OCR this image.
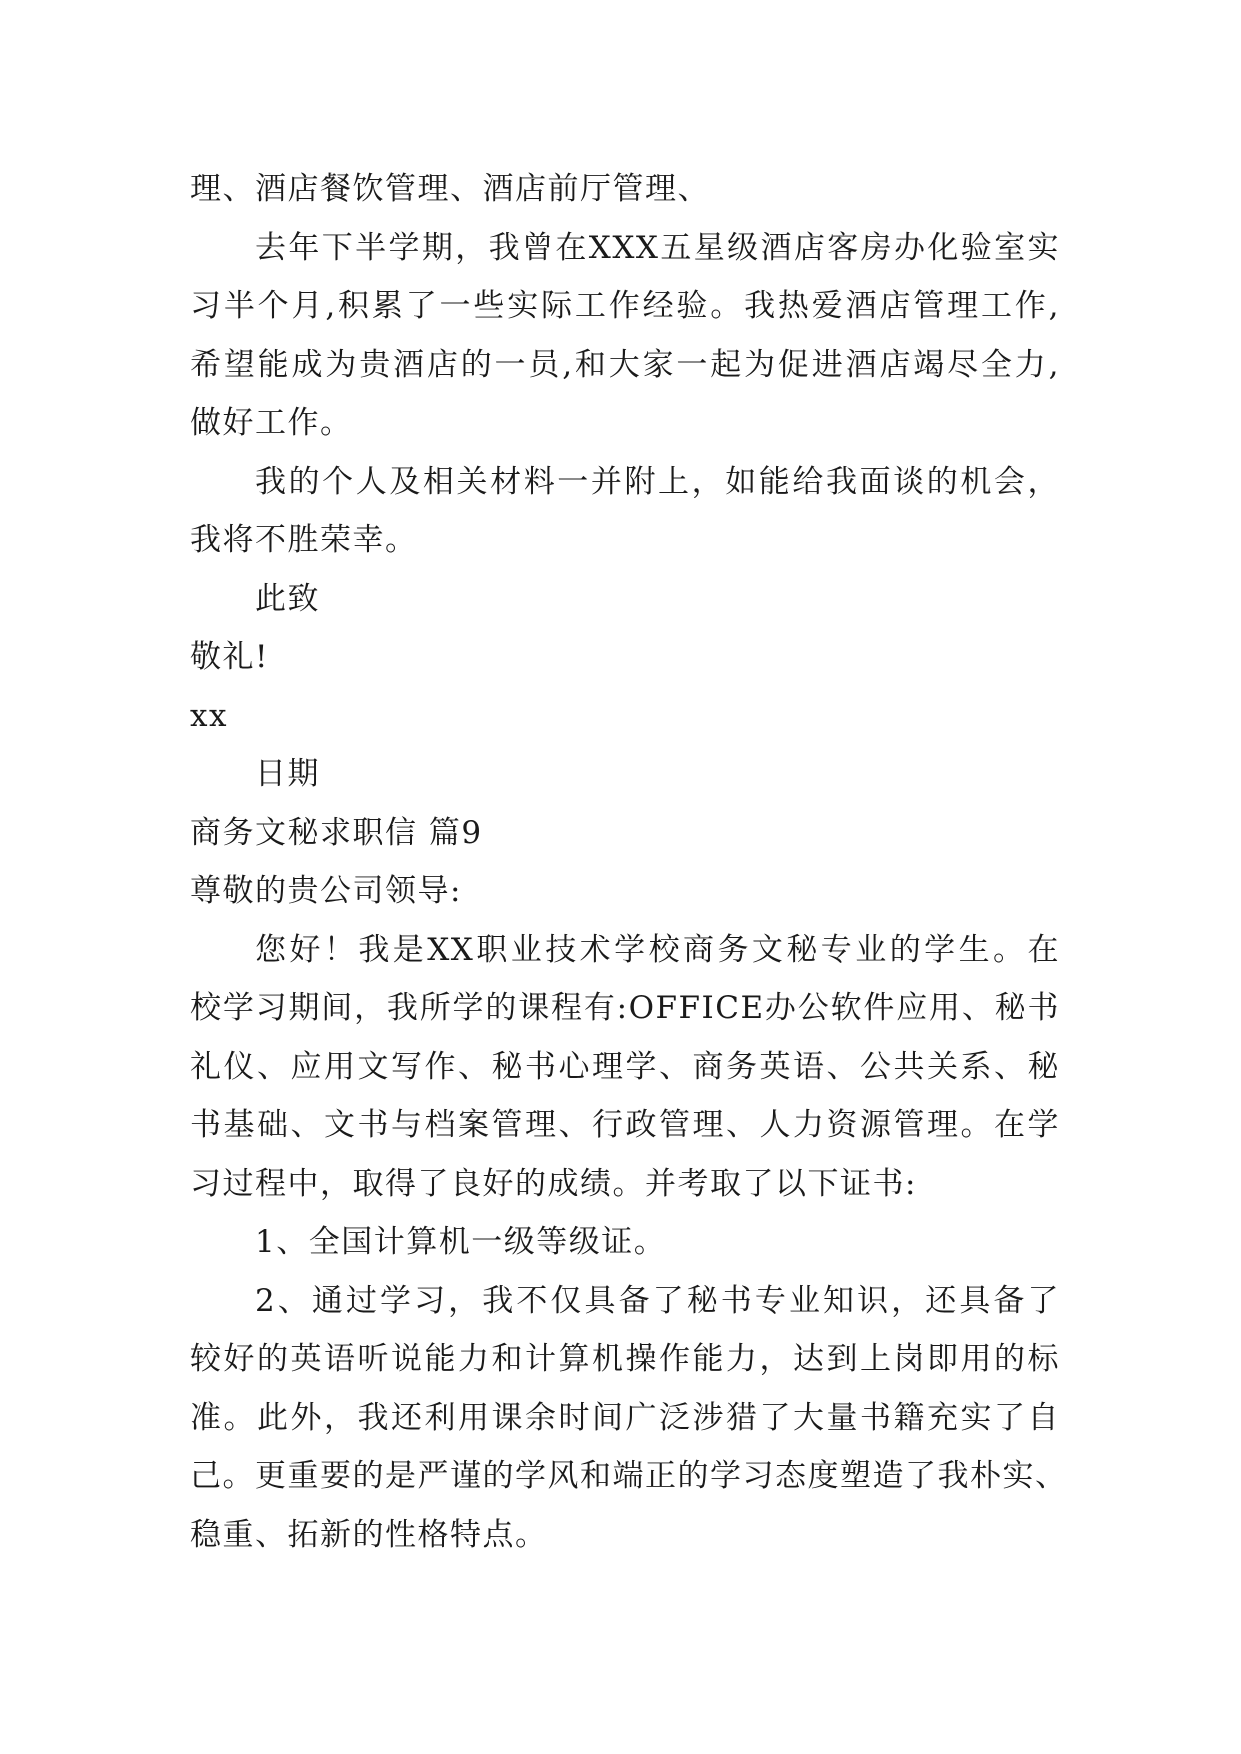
理、酒店餐饮管理、酒店前厅管理、
去年下半学期，我曾在XXX五星级酒店客房办化验室实
习半个月,积累了一些实际工作经验。我热爱酒店管理工作,
希望能成为贵酒店的一员,和大家一起为促进酒店竭尽全力,
做好工作。
我的个人及相关材料一并附上，如能给我面谈的机会，
我将不胜荣幸。
此致
敬礼!
xx
日期
商务文秘求职信 篇9
尊敬的贵公司领导:
您好！我是XX职业技术学校商务文秘专业的学生。在
校学习期间，我所学的课程有:OFFICE办公软件应用、秘书
礼仪、应用文写作、秘书心理学、商务英语、公共关系、秘
书基础、文书与档案管理、行政管理、人力资源管理。在学
习过程中，取得了良好的成绩。并考取了以下证书:
1、全国计算机一级等级证。
2、通过学习，我不仅具备了秘书专业知识，还具备了
较好的英语听说能力和计算机操作能力，达到上岗即用的标
准。此外，我还利用课余时间广泛涉猎了大量书籍充实了自
己。更重要的是严谨的学风和端正的学习态度塑造了我朴实、
稳重、拓新的性格特点。
